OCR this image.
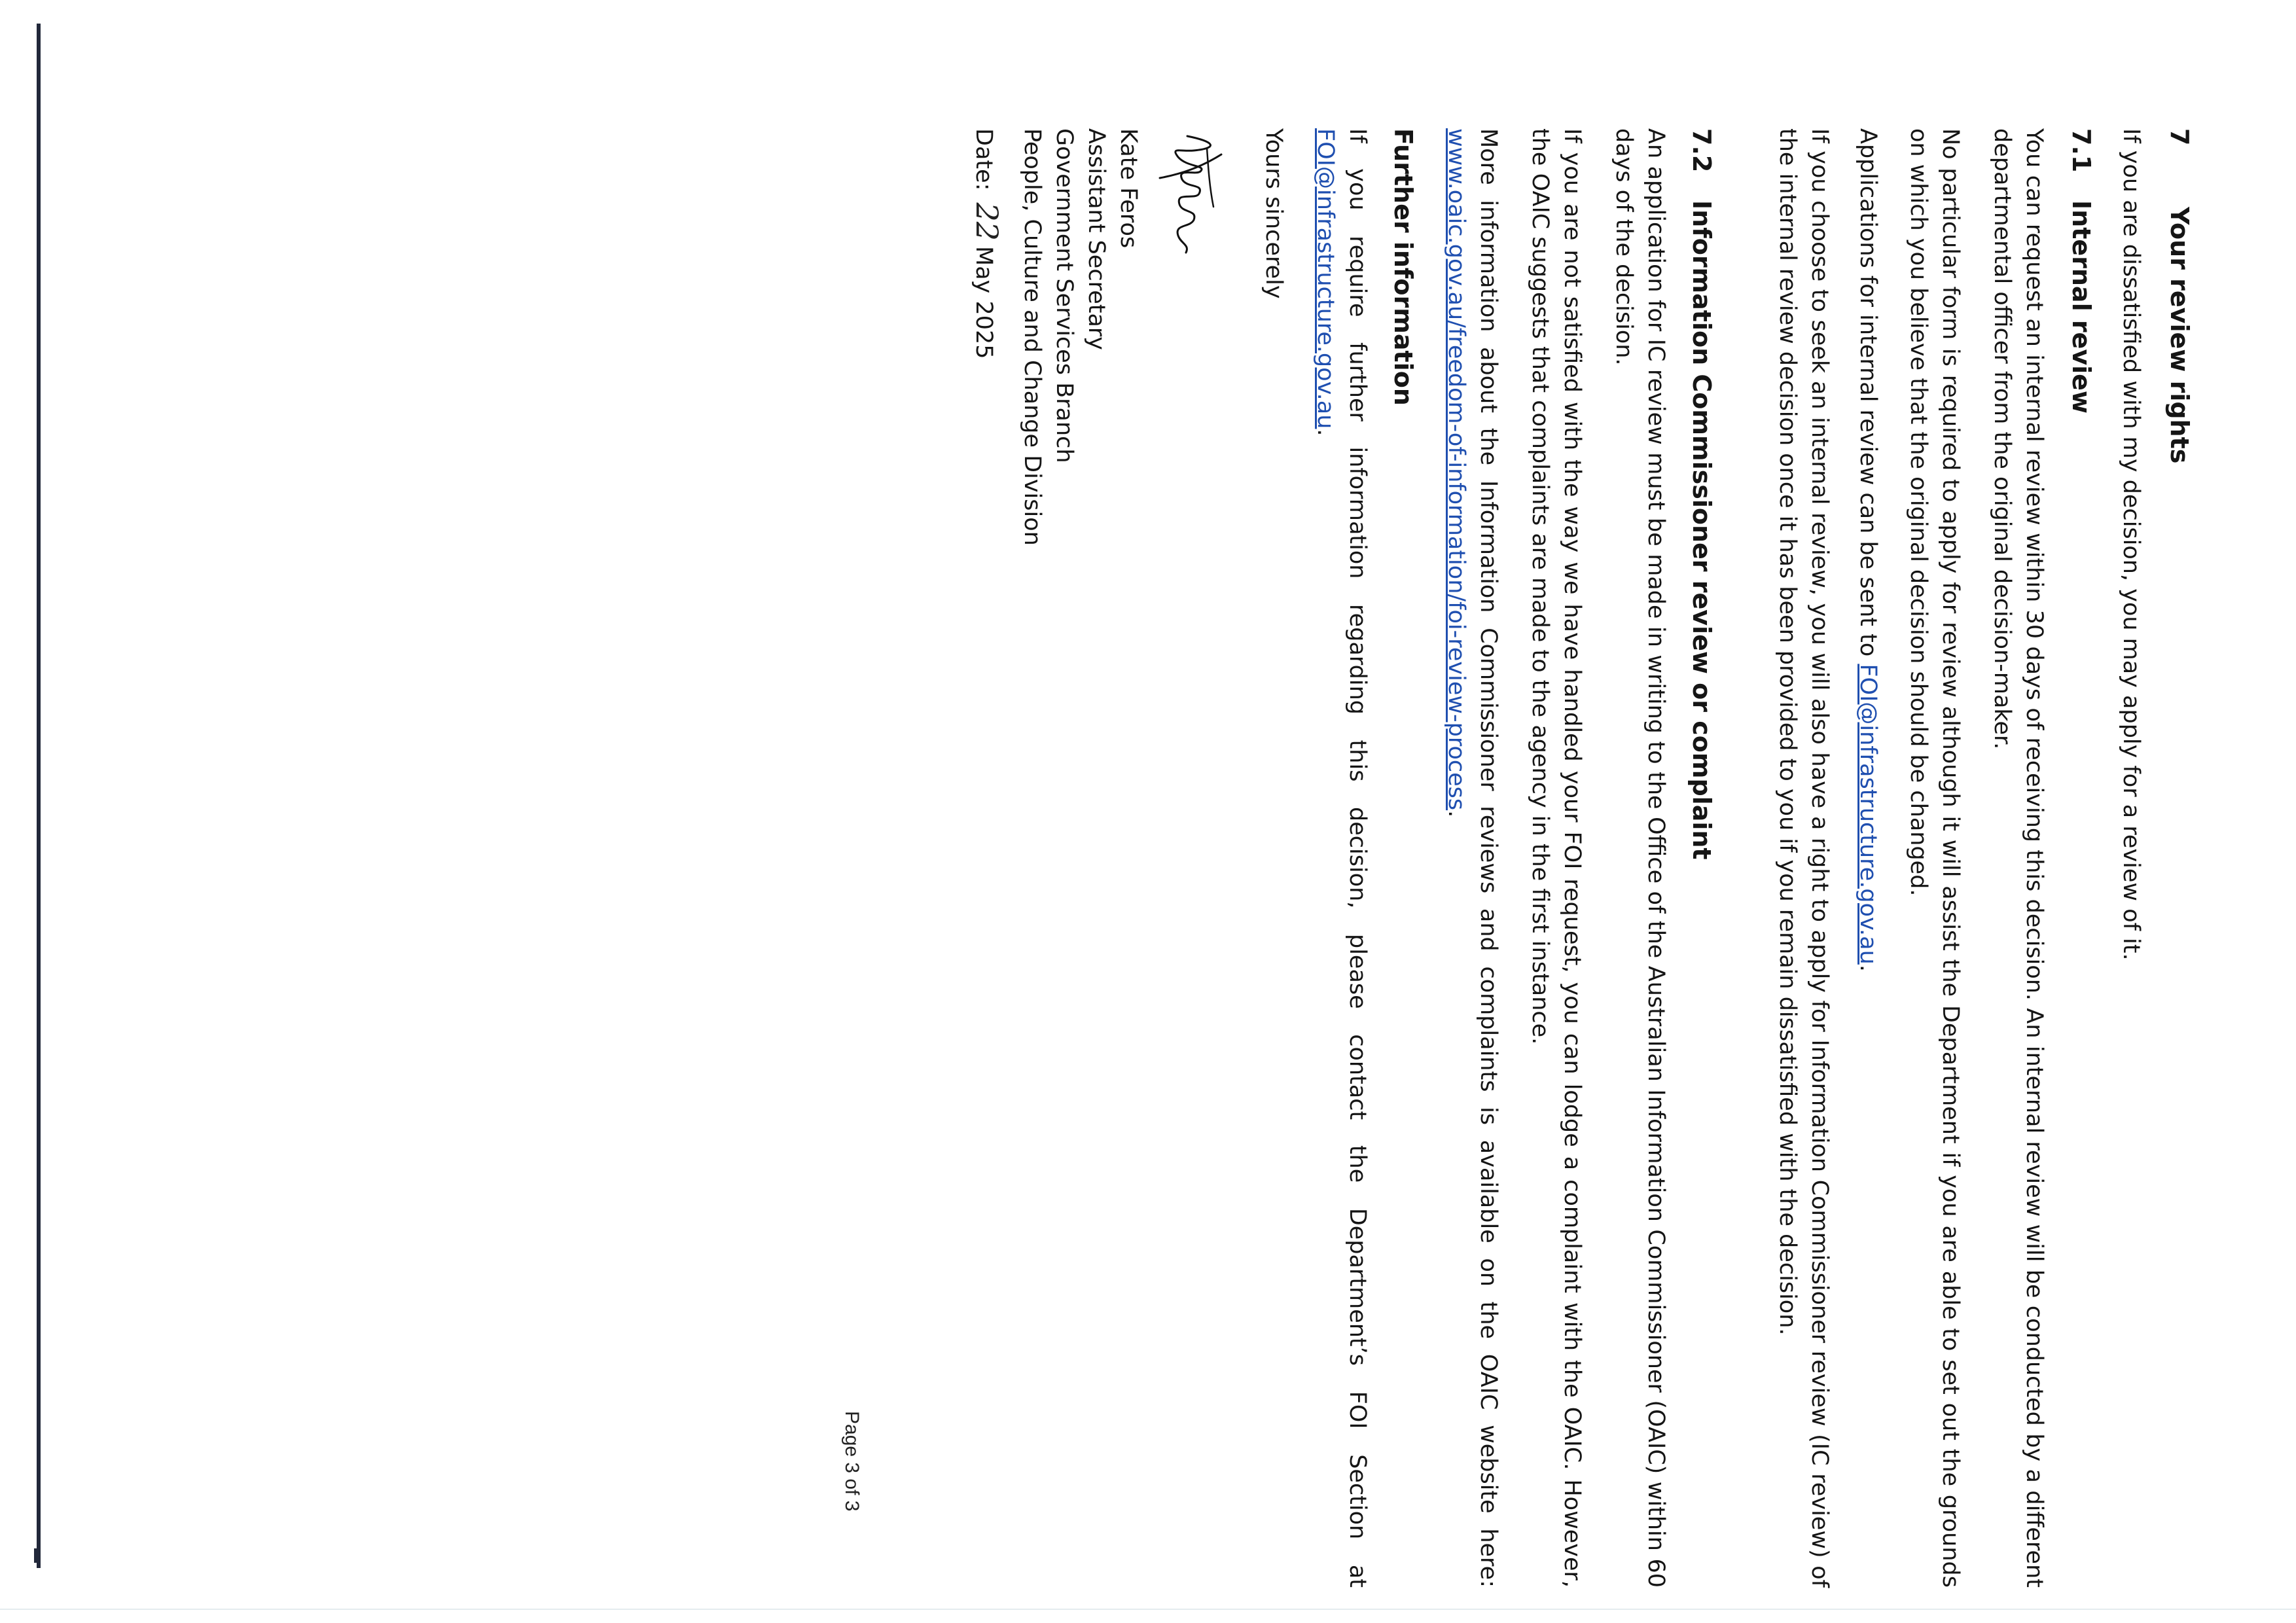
7Your review rights
If you are dissatisfied with my decision, you may apply for a review of it.
7.1Internal review
You can request an internal review within 30 days of receiving this decision. An internal review will be conducted by a different departmental officer from the original decision-maker.
No particular form is required to apply for review although it will assist the Department if you are able to set out the grounds on which you believe that the original decision should be changed.
Applications for internal review can be sent to FOI@infrastructure.gov.au.
If you choose to seek an internal review, you will also have a right to apply for Information Commissioner review (IC review) of the internal review decision once it has been provided to you if you remain dissatisfied with the decision.
7.2Information Commissioner review or complaint
An application for IC review must be made in writing to the Office of the Australian Information Commissioner (OAIC) within 60 days of the decision.
If you are not satisfied with the way we have handled your FOI request, you can lodge a complaint with the OAIC. However, the OAIC suggests that complaints are made to the agency in the first instance.
More information about the Information Commissioner reviews and complaints is available on the OAIC website here: www.oaic.gov.au/freedom-of-information/foi-review-process.
Further information
If you require further information regarding this decision, please contact the Department’s FOI Section at FOI@infrastructure.gov.au.
Yours sincerely
Kate Feros
Assistant Secretary
Government Services Branch
People, Culture and Change Division
Date:22May 2025
Page 3 of 3
